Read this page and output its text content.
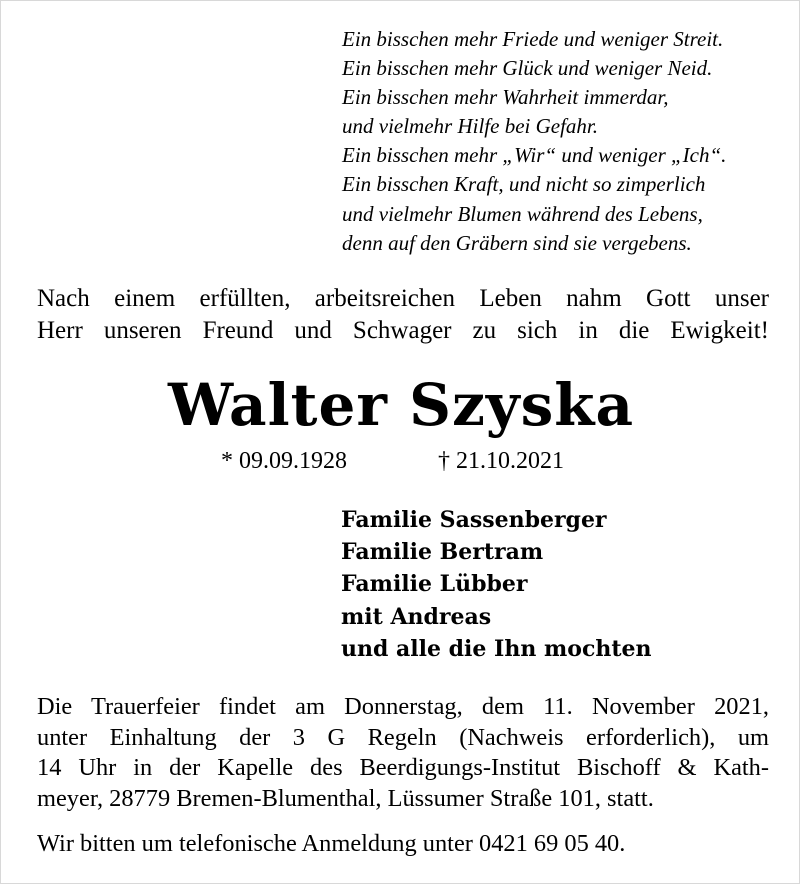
Ein bisschen mehr Friede und weniger Streit.
Ein bisschen mehr Glück und weniger Neid.
Ein bisschen mehr Wahrheit immerdar,
und vielmehr Hilfe bei Gefahr.
Ein bisschen mehr „Wir“ und weniger „Ich“.
Ein bisschen Kraft, und nicht so zimperlich
und vielmehr Blumen während des Lebens,
denn auf den Gräbern sind sie vergebens.
Nach einem erfüllten, arbeitsreichen Leben nahm Gott unser
Herr unseren Freund und Schwager zu sich in die Ewigkeit!
Walter Szyska
* 09.09.1928	† 21.10.2021
Familie Sassenberger
Familie Bertram
Familie Lübber
mit Andreas
und alle die Ihn mochten
Die Trauerfeier findet am Donnerstag, dem 11. November 2021,
unter Einhaltung der 3 G Regeln (Nachweis erforderlich), um
14 Uhr in der Kapelle des Beerdigungs-Institut Bischoff & Kath-
meyer, 28779 Bremen-Blumenthal, Lüssumer Straße 101, statt.
Wir bitten um telefonische Anmeldung unter 0421 69 05 40.
